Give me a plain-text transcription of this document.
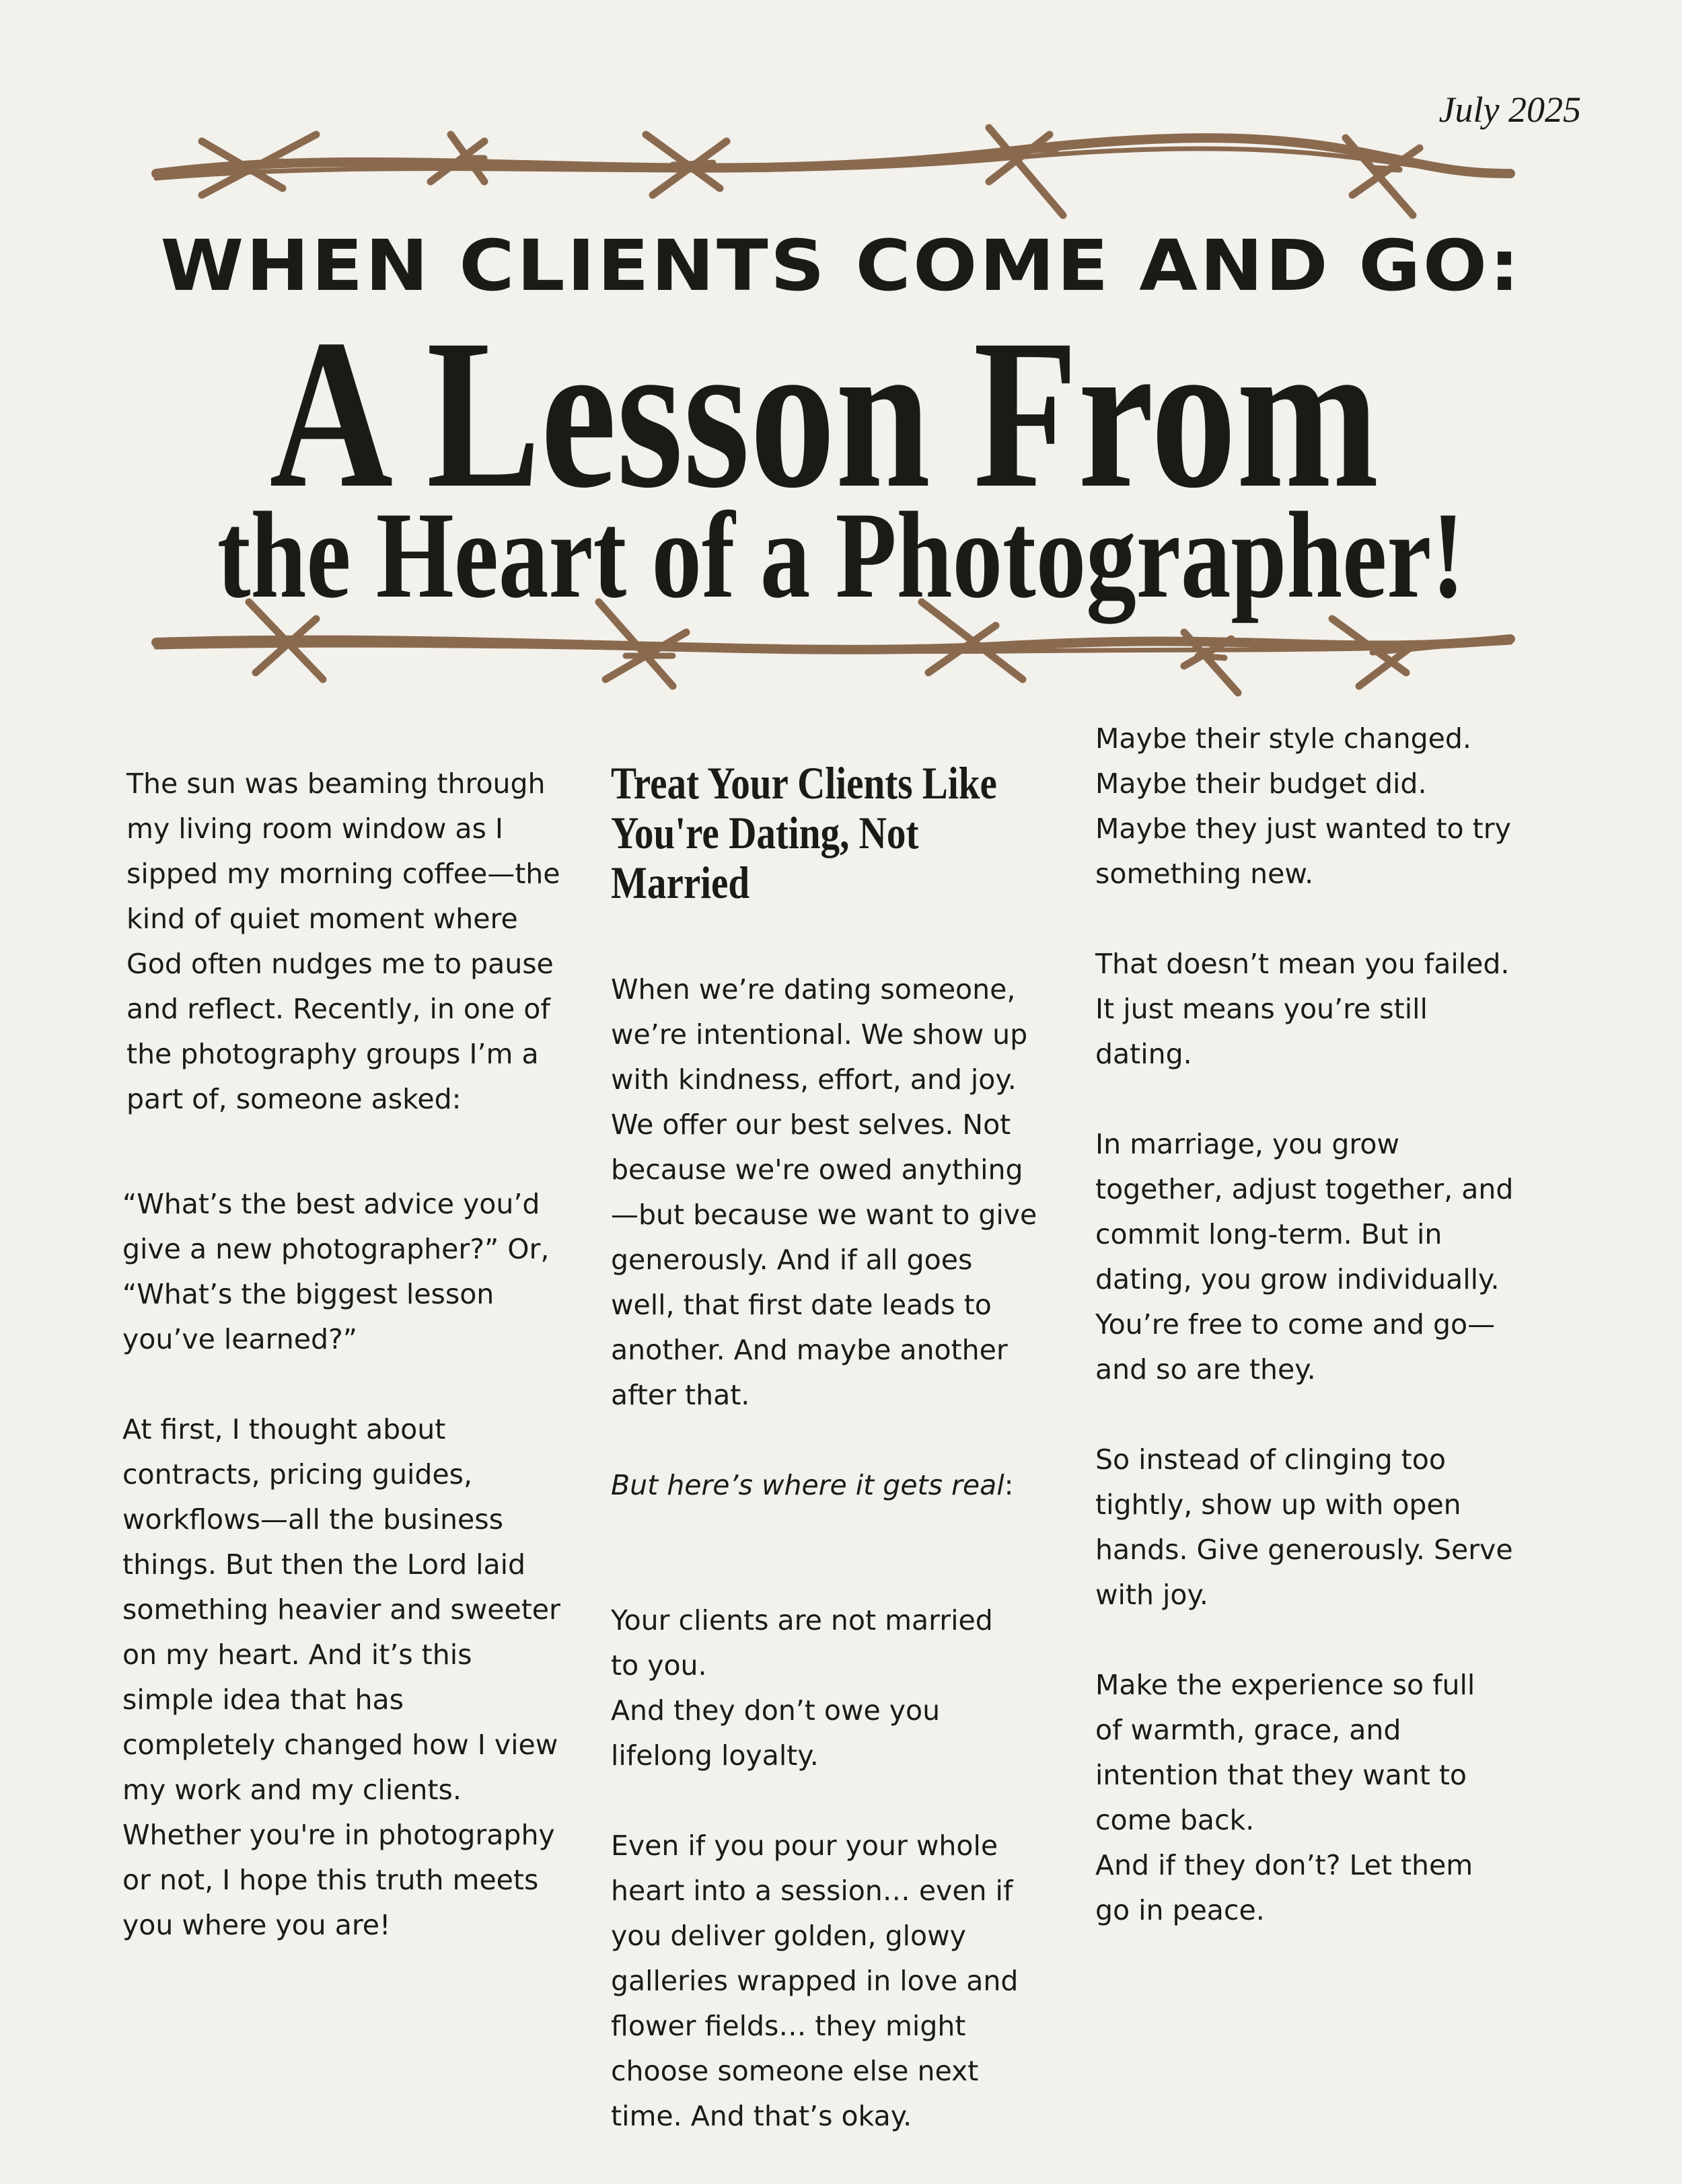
July 2025
WHEN CLIENTS COME AND GO:
A Lesson From
the Heart of a Photographer!

The sun was beaming through
my living room window as I
sipped my morning coffee—the
kind of quiet moment where
God often nudges me to pause
and reflect. Recently, in one of
the photography groups I’m a
part of, someone asked:

“What’s the best advice you’d
give a new photographer?” Or,
“What’s the biggest lesson
you’ve learned?”

At first, I thought about
contracts, pricing guides,
workflows—all the business
things. But then the Lord laid
something heavier and sweeter
on my heart. And it’s this
simple idea that has
completely changed how I view
my work and my clients.
Whether you're in photography
or not, I hope this truth meets
you where you are!

Treat Your Clients Like
You're Dating, Not
Married

When we’re dating someone,
we’re intentional. We show up
with kindness, effort, and joy.
We offer our best selves. Not
because we're owed anything
—but because we want to give
generously. And if all goes
well, that first date leads to
another. And maybe another
after that.

But here’s where it gets real:

Your clients are not married
to you.
And they don’t owe you
lifelong loyalty.

Even if you pour your whole
heart into a session… even if
you deliver golden, glowy
galleries wrapped in love and
flower fields… they might
choose someone else next
time. And that’s okay.

Maybe their style changed.
Maybe their budget did.
Maybe they just wanted to try
something new.

That doesn’t mean you failed.
It just means you’re still
dating.

In marriage, you grow
together, adjust together, and
commit long-term. But in
dating, you grow individually.
You’re free to come and go—
and so are they.

So instead of clinging too
tightly, show up with open
hands. Give generously. Serve
with joy.

Make the experience so full
of warmth, grace, and
intention that they want to
come back.
And if they don’t? Let them
go in peace.
